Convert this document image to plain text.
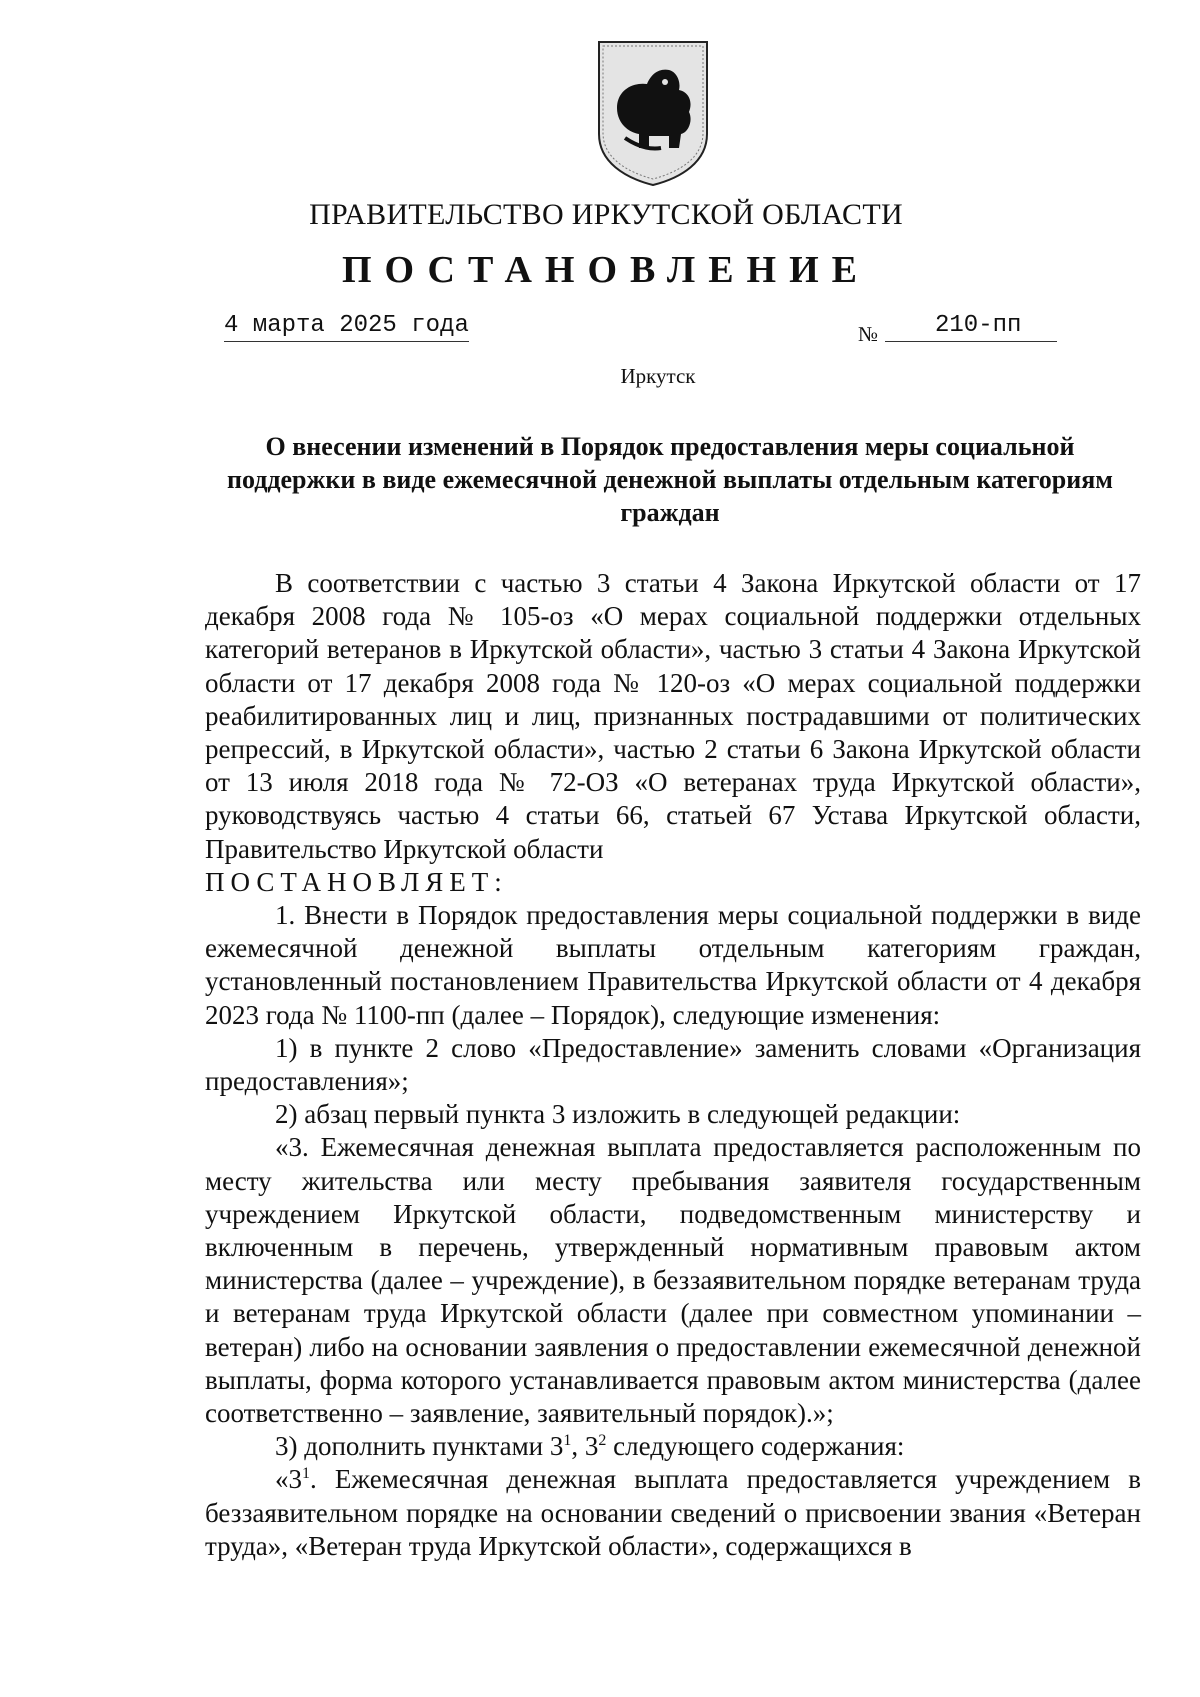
ПРАВИТЕЛЬСТВО ИРКУТСКОЙ ОБЛАСТИ
ПОСТАНОВЛЕНИЕ
4 марта 2025 года	№	210-пп
Иркутск
О внесении изменений в Порядок предоставления меры социальной поддержки в виде ежемесячной денежной выплаты отдельным категориям граждан

В соответствии с частью 3 статьи 4 Закона Иркутской области от 17 декабря 2008 года № 105-оз «О мерах социальной поддержки отдельных категорий ветеранов в Иркутской области», частью 3 статьи 4 Закона Иркутской области от 17 декабря 2008 года № 120-оз «О мерах социальной поддержки реабилитированных лиц и лиц, признанных пострадавшими от политических репрессий, в Иркутской области», частью 2 статьи 6 Закона Иркутской области от 13 июля 2018 года № 72-ОЗ «О ветеранах труда Иркутской области», руководствуясь частью 4 статьи 66, статьей 67 Устава Иркутской области, Правительство Иркутской области

ПОСТАНОВЛЯЕТ:

1. Внести в Порядок предоставления меры социальной поддержки в виде ежемесячной денежной выплаты отдельным категориям граждан, установленный постановлением Правительства Иркутской области от 4 декабря 2023 года № 1100-пп (далее – Порядок), следующие изменения:

1) в пункте 2 слово «Предоставление» заменить словами «Организация предоставления»;

2) абзац первый пункта 3 изложить в следующей редакции:

«3. Ежемесячная денежная выплата предоставляется расположенным по месту жительства или месту пребывания заявителя государственным учреждением Иркутской области, подведомственным министерству и включенным в перечень, утвержденный нормативным правовым актом министерства (далее – учреждение), в беззаявительном порядке ветеранам труда и ветеранам труда Иркутской области (далее при совместном упоминании – ветеран) либо на основании заявления о предоставлении ежемесячной денежной выплаты, форма которого устанавливается правовым актом министерства (далее соответственно – заявление, заявительный порядок).»;

3) дополнить пунктами $3^1$, $3^2$ следующего содержания:

«$3^1$. Ежемесячная денежная выплата предоставляется учреждением в беззаявительном порядке на основании сведений о присвоении звания «Ветеран труда», «Ветеран труда Иркутской области», содержащихся в
